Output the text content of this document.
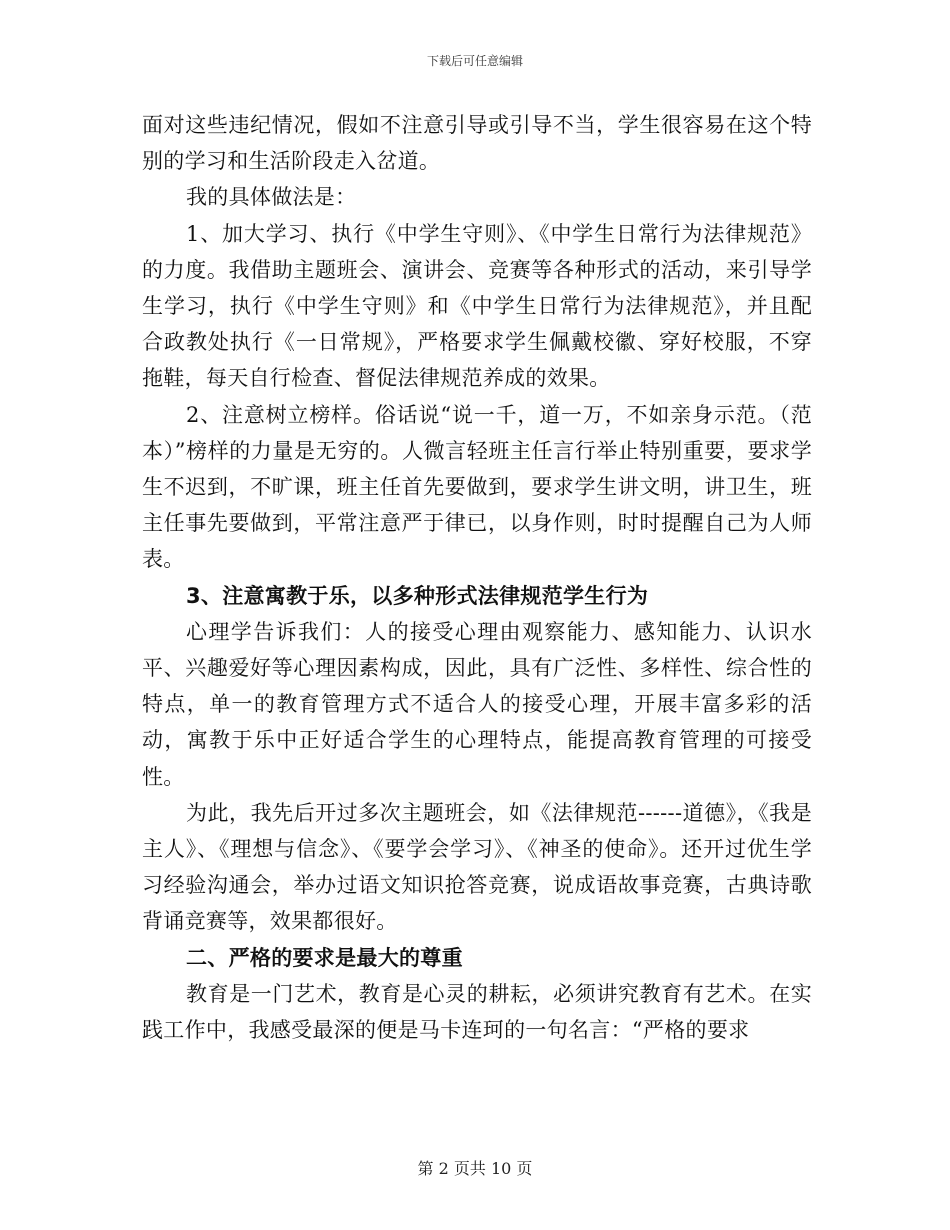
下载后可任意编辑

面对这些违纪情况，假如不注意引导或引导不当，学生很容易在这个特别的学习和生活阶段走入岔道。

我的具体做法是：

1、加大学习、执行《中学生守则》、《中学生日常行为法律规范》的力度。我借助主题班会、演讲会、竞赛等各种形式的活动，来引导学生学习，执行《中学生守则》和《中学生日常行为法律规范》，并且配合政教处执行《一日常规》，严格要求学生佩戴校徽、穿好校服，不穿拖鞋，每天自行检查、督促法律规范养成的效果。

2、注意树立榜样。俗话说“说一千，道一万，不如亲身示范。（范本）”榜样的力量是无穷的。人微言轻班主任言行举止特别重要，要求学生不迟到，不旷课，班主任首先要做到，要求学生讲文明，讲卫生，班主任事先要做到，平常注意严于律已，以身作则，时时提醒自己为人师表。

3、注意寓教于乐，以多种形式法律规范学生行为

心理学告诉我们：人的接受心理由观察能力、感知能力、认识水平、兴趣爱好等心理因素构成，因此，具有广泛性、多样性、综合性的特点，单一的教育管理方式不适合人的接受心理，开展丰富多彩的活动，寓教于乐中正好适合学生的心理特点，能提高教育管理的可接受性。

为此，我先后开过多次主题班会，如《法律规范------道德》，《我是主人》、《理想与信念》、《要学会学习》、《神圣的使命》。还开过优生学习经验沟通会，举办过语文知识抢答竞赛，说成语故事竞赛，古典诗歌背诵竞赛等，效果都很好。

二、严格的要求是最大的尊重

教育是一门艺术，教育是心灵的耕耘，必须讲究教育有艺术。在实践工作中，我感受最深的便是马卡连珂的一句名言：“严格的要求

第 2 页共 10 页
